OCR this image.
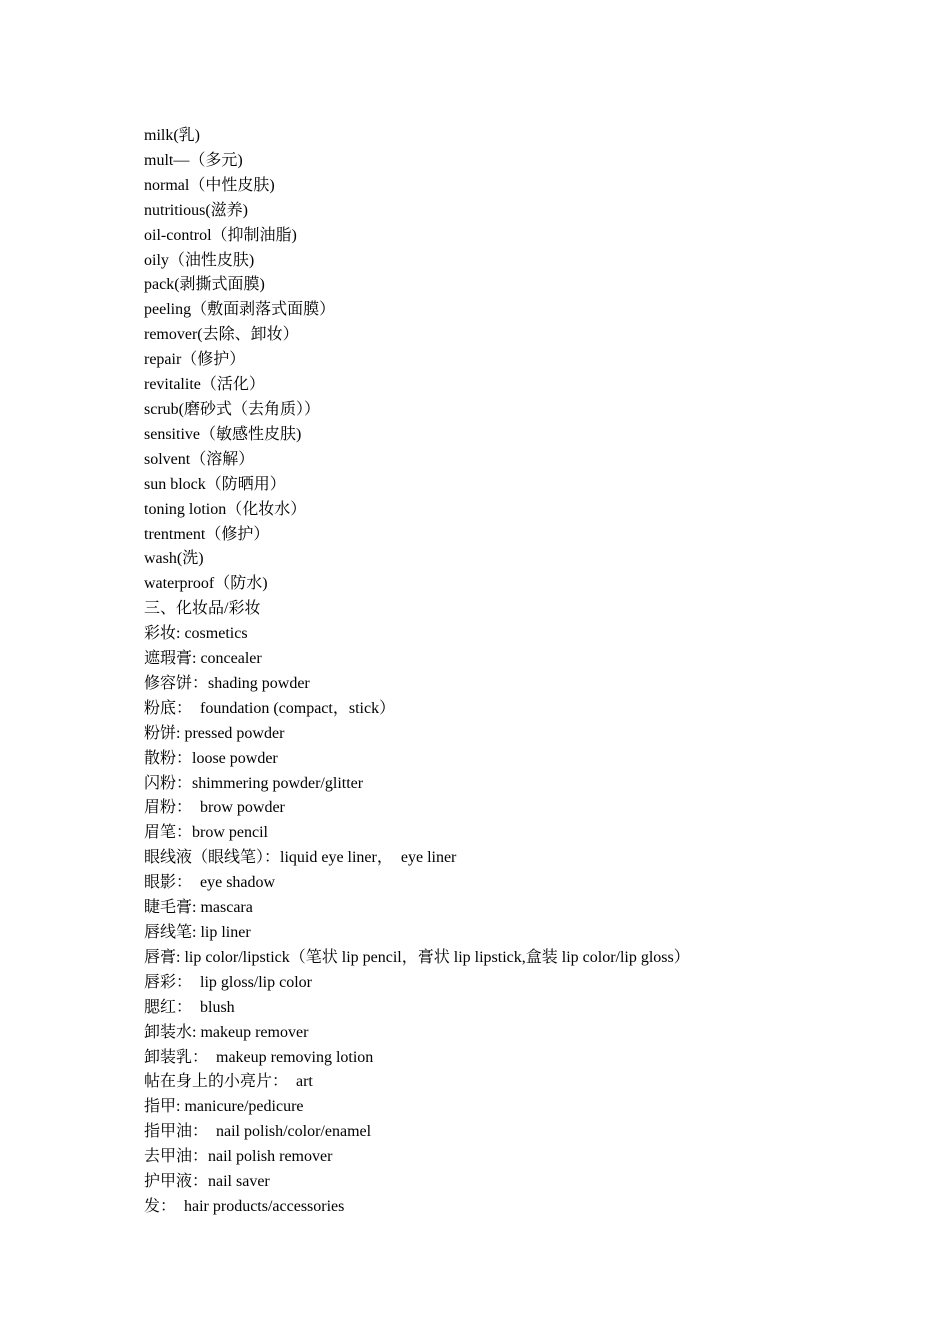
milk(乳)

mult—（多元)

normal（中性皮肤)

nutritious(滋养)

oil-control（抑制油脂)

oily（油性皮肤)

pack(剥撕式面膜)

peeling（敷面剥落式面膜）

remover(去除、卸妆）

repair（修护）

revitalite（活化）

scrub(磨砂式（去角质））

sensitive（敏感性皮肤)

solvent（溶解）

sun block（防晒用）

toning lotion（化妆水）

trentment（修护）

wash(洗)

waterproof（防水)

三、化妆品/彩妆

彩妆: cosmetics

遮瑕膏: concealer

修容饼：shading powder

粉底：  foundation (compact，stick）

粉饼: pressed powder

散粉：loose powder

闪粉：shimmering powder/glitter

眉粉：  brow powder

眉笔：brow pencil

眼线液（眼线笔）：liquid eye liner，  eye liner

眼影：  eye shadow

睫毛膏: mascara

唇线笔: lip liner

唇膏: lip color/lipstick（笔状 lip pencil，膏状 lip lipstick,盒装 lip color/lip gloss）

唇彩：  lip gloss/lip color

腮红：  blush

卸装水: makeup remover

卸装乳：  makeup removing lotion

帖在身上的小亮片：  art

指甲: manicure/pedicure

指甲油：  nail polish/color/enamel

去甲油：nail polish remover

护甲液：nail saver

发：  hair products/accessories
